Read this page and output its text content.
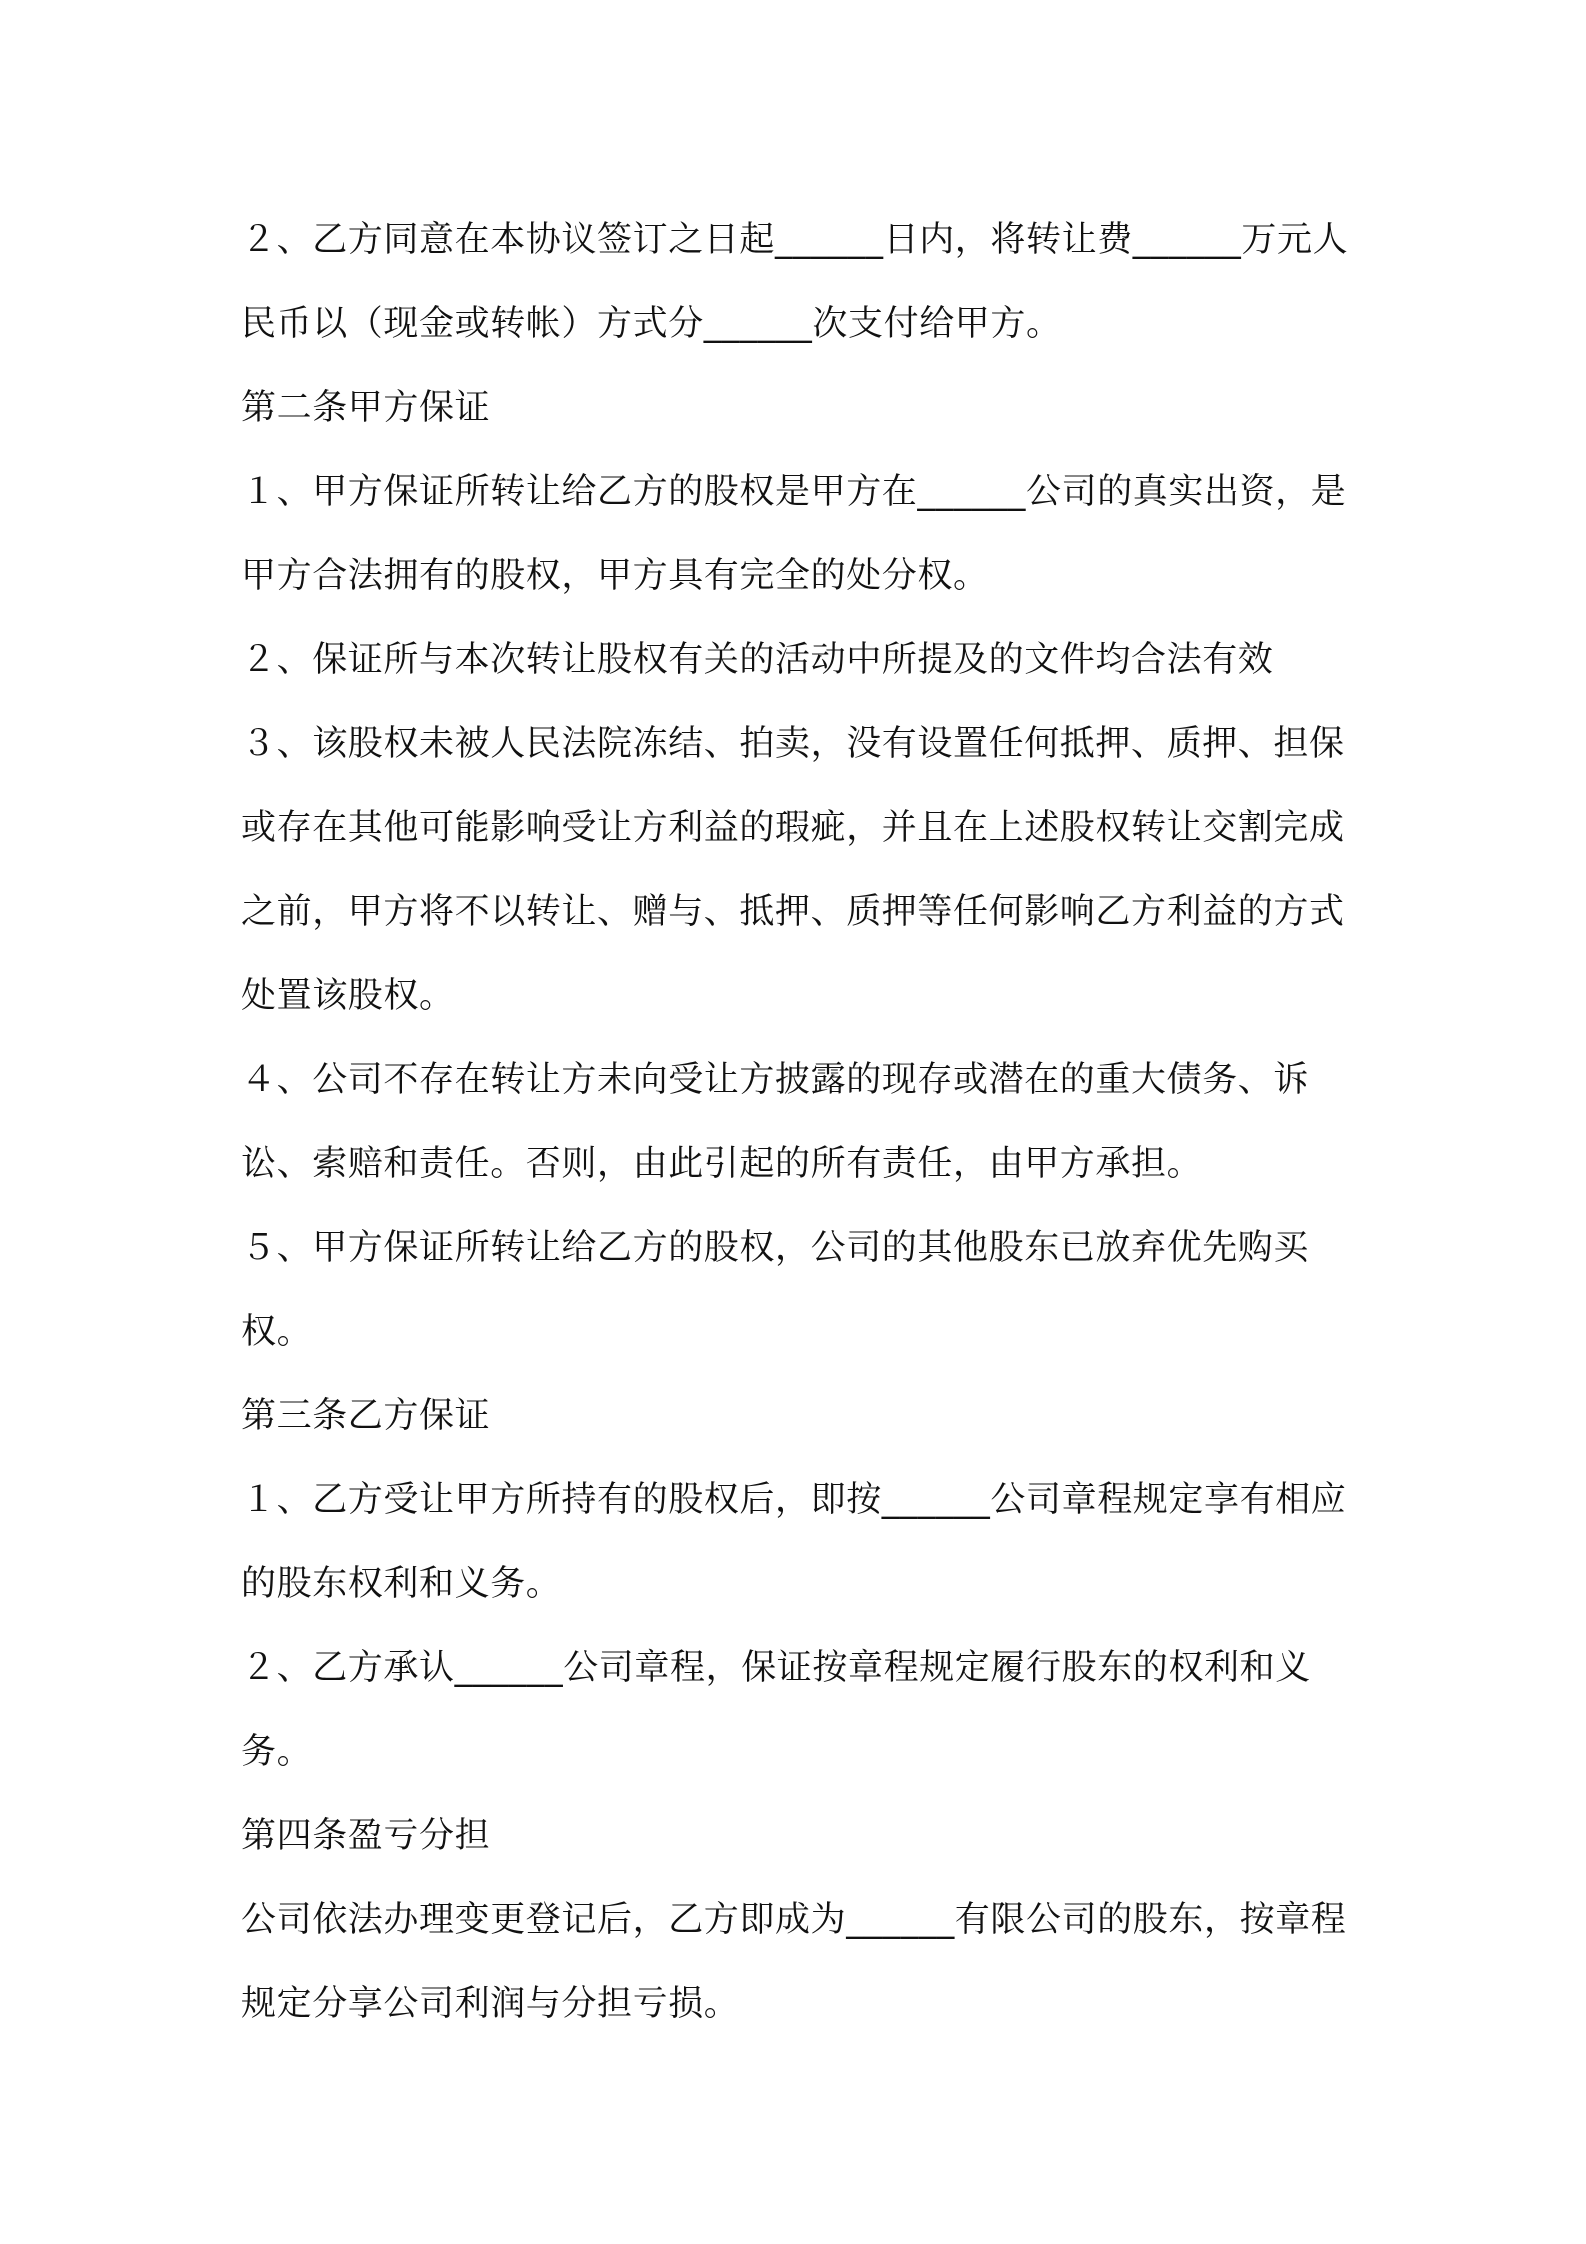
２、乙方同意在本协议签订之日起______日内，将转让费______万元人民币以（现金或转帐）方式分______次支付给甲方。

第二条甲方保证

１、甲方保证所转让给乙方的股权是甲方在______公司的真实出资，是甲方合法拥有的股权，甲方具有完全的处分权。

２、保证所与本次转让股权有关的活动中所提及的文件均合法有效

３、该股权未被人民法院冻结、拍卖，没有设置任何抵押、质押、担保或存在其他可能影响受让方利益的瑕疵，并且在上述股权转让交割完成之前，甲方将不以转让、赠与、抵押、质押等任何影响乙方利益的方式处置该股权。

４、公司不存在转让方未向受让方披露的现存或潜在的重大债务、诉讼、索赔和责任。否则，由此引起的所有责任，由甲方承担。

５、甲方保证所转让给乙方的股权，公司的其他股东已放弃优先购买权。

第三条乙方保证

１、乙方受让甲方所持有的股权后，即按______公司章程规定享有相应的股东权利和义务。

２、乙方承认______公司章程，保证按章程规定履行股东的权利和义务。

第四条盈亏分担

公司依法办理变更登记后，乙方即成为______有限公司的股东，按章程规定分享公司利润与分担亏损。
